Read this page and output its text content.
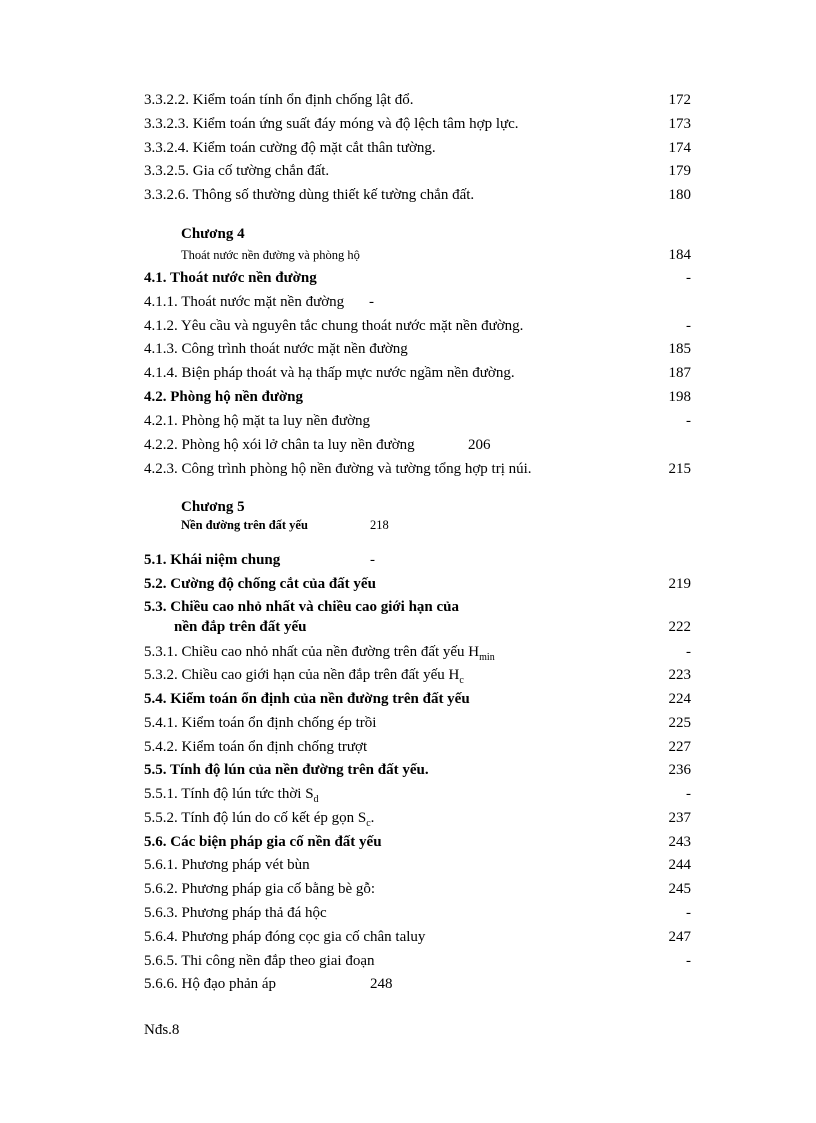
3.3.2.2. Kiểm toán tính ổn định chống lật đổ.	172
3.3.2.3. Kiểm toán ứng suất đáy móng và độ lệch tâm hợp lực.	173
3.3.2.4. Kiểm toán cường độ mặt cắt thân tường.	174
3.3.2.5. Gia cố tường chắn đất.	179
3.3.2.6. Thông số thường dùng thiết kế tường chắn đất.	180
Chương 4
Thoát nước nền đường và phòng hộ	184
4.1. Thoát nước nền đường	-
4.1.1. Thoát nước mặt nền đường -
4.1.2. Yêu cầu và nguyên tắc chung thoát nước mặt nền đường.	-
4.1.3. Công trình thoát nước mặt nền đường	185
4.1.4. Biện pháp thoát và hạ thấp mực nước ngầm nền đường.	187
4.2. Phòng hộ nền đường	198
4.2.1. Phòng hộ mặt ta luy nền đường	-
4.2.2. Phòng hộ xói lở chân ta luy nền đường	206
4.2.3. Công trình phòng hộ nền đường và tường tổng hợp trị núi.	215
Chương 5
Nền đường trên đất yếu	218
5.1. Khái niệm chung	-
5.2. Cường độ chống cắt của đất yếu	219
5.3. Chiều cao nhỏ nhất và chiều cao giới hạn của
nền đắp trên đất yếu	222
5.3.1. Chiều cao nhỏ nhất của nền đường trên đất yếu $H_{min}$	-
5.3.2. Chiều cao giới hạn của nền đắp trên đất yếu $H_c$	223
5.4. Kiểm toán ổn định của nền đường trên đất yếu	224
5.4.1. Kiểm toán ổn định chống ép trồi	225
5.4.2. Kiểm toán ổn định chống trượt	227
5.5. Tính độ lún của nền đường trên đất yếu.	236
5.5.1. Tính độ lún tức thời $S_d$	-
5.5.2. Tính độ lún do cố kết ép gọn $S_c$.	237
5.6. Các biện pháp gia cố nền đất yếu	243
5.6.1. Phương pháp vét bùn	244
5.6.2. Phương pháp gia cố bằng bè gỗ:	245
5.6.3. Phương pháp thả đá hộc	-
5.6.4. Phương pháp đóng cọc gia cố chân taluy	247
5.6.5. Thi công nền đắp theo giai đoạn	-
5.6.6. Hộ đạo phản áp	248
Nđs.8
